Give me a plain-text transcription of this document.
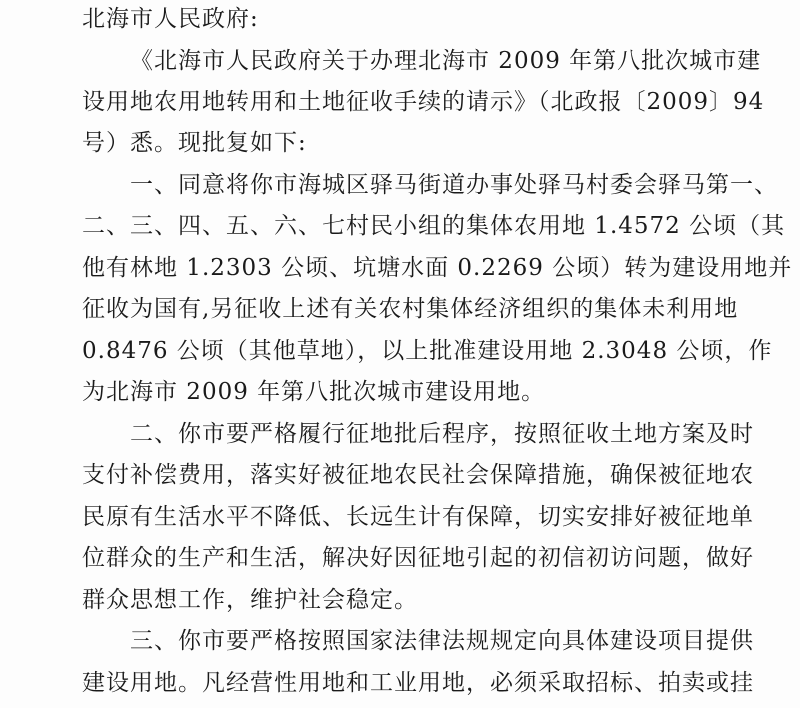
北海市人民政府:
《北海市人民政府关于办理北海市 2009 年第八批次城市建
设用地农用地转用和土地征收手续的请示》（北政报〔2009〕94
号）悉。现批复如下:
一、同意将你市海城区驿马街道办事处驿马村委会驿马第一、
二、三、四、五、六、七村民小组的集体农用地 1.4572 公顷（其
他有林地 1.2303 公顷、坑塘水面 0.2269 公顷）转为建设用地并
征收为国有,另征收上述有关农村集体经济组织的集体未利用地
0.8476 公顷（其他草地），以上批准建设用地 2.3048 公顷，作
为北海市 2009 年第八批次城市建设用地。
二、你市要严格履行征地批后程序，按照征收土地方案及时
支付补偿费用，落实好被征地农民社会保障措施，确保被征地农
民原有生活水平不降低、长远生计有保障，切实安排好被征地单
位群众的生产和生活，解决好因征地引起的初信初访问题，做好
群众思想工作，维护社会稳定。
三、你市要严格按照国家法律法规规定向具体建设项目提供
建设用地。凡经营性用地和工业用地，必须采取招标、拍卖或挂
